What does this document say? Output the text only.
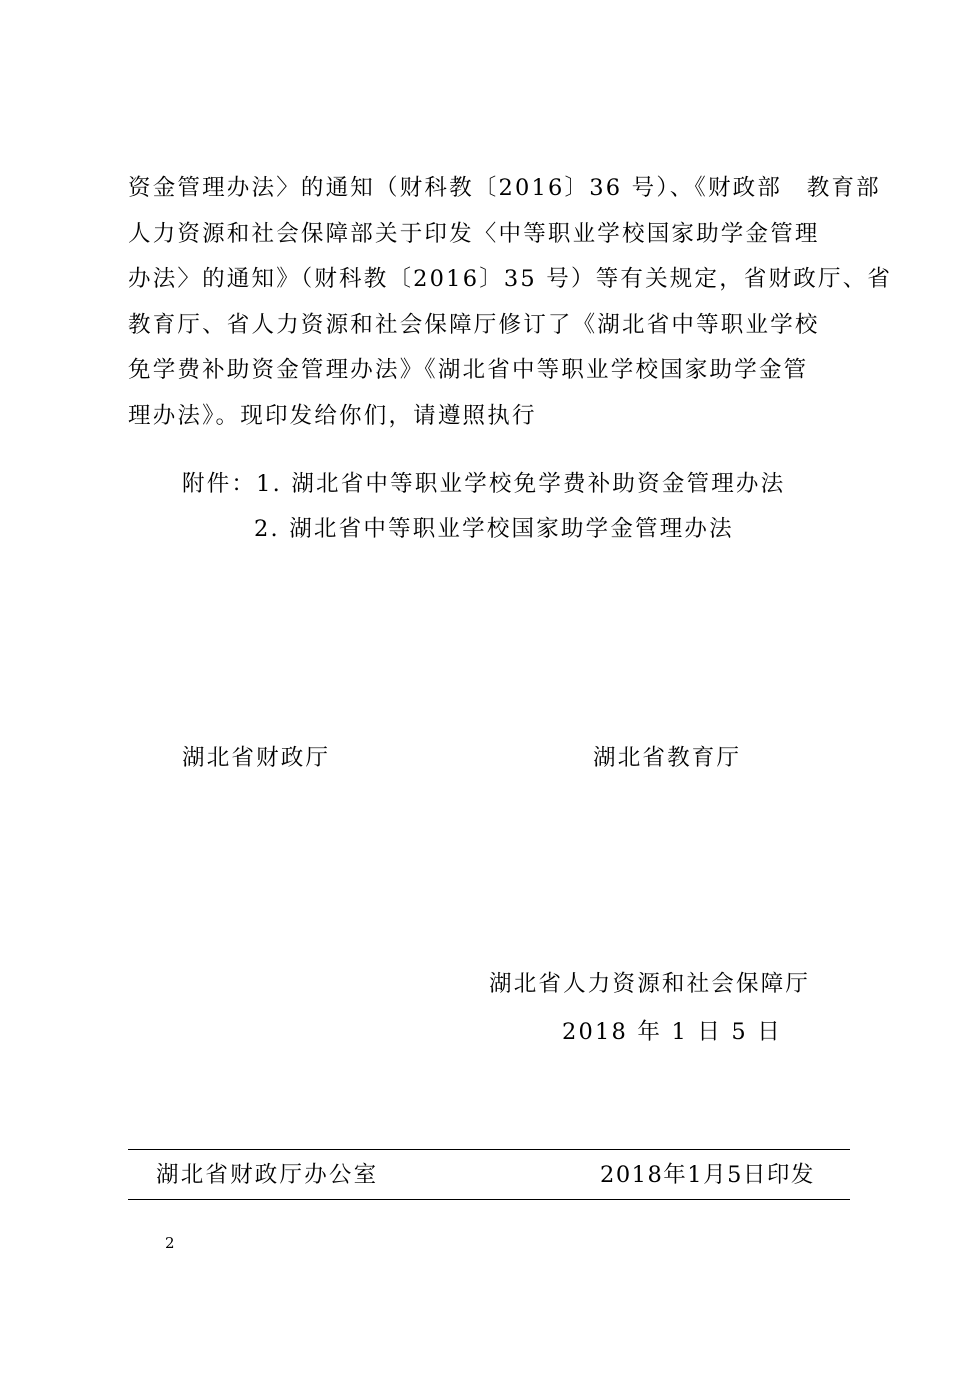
资金管理办法〉的通知（财科教〔2016〕36 号）、《财政部　教育部
人力资源和社会保障部关于印发〈中等职业学校国家助学金管理
办法〉的通知》（财科教〔2016〕35 号）等有关规定，省财政厅、省
教育厅、省人力资源和社会保障厅修订了《湖北省中等职业学校
免学费补助资金管理办法》《湖北省中等职业学校国家助学金管
理办法》。现印发给你们，请遵照执行
附件：1. 湖北省中等职业学校免学费补助资金管理办法
2. 湖北省中等职业学校国家助学金管理办法
湖北省财政厅	湖北省教育厅
湖北省人力资源和社会保障厅
2018 年 1 日 5 日
湖北省财政厅办公室	2018年1月5日印发
2
